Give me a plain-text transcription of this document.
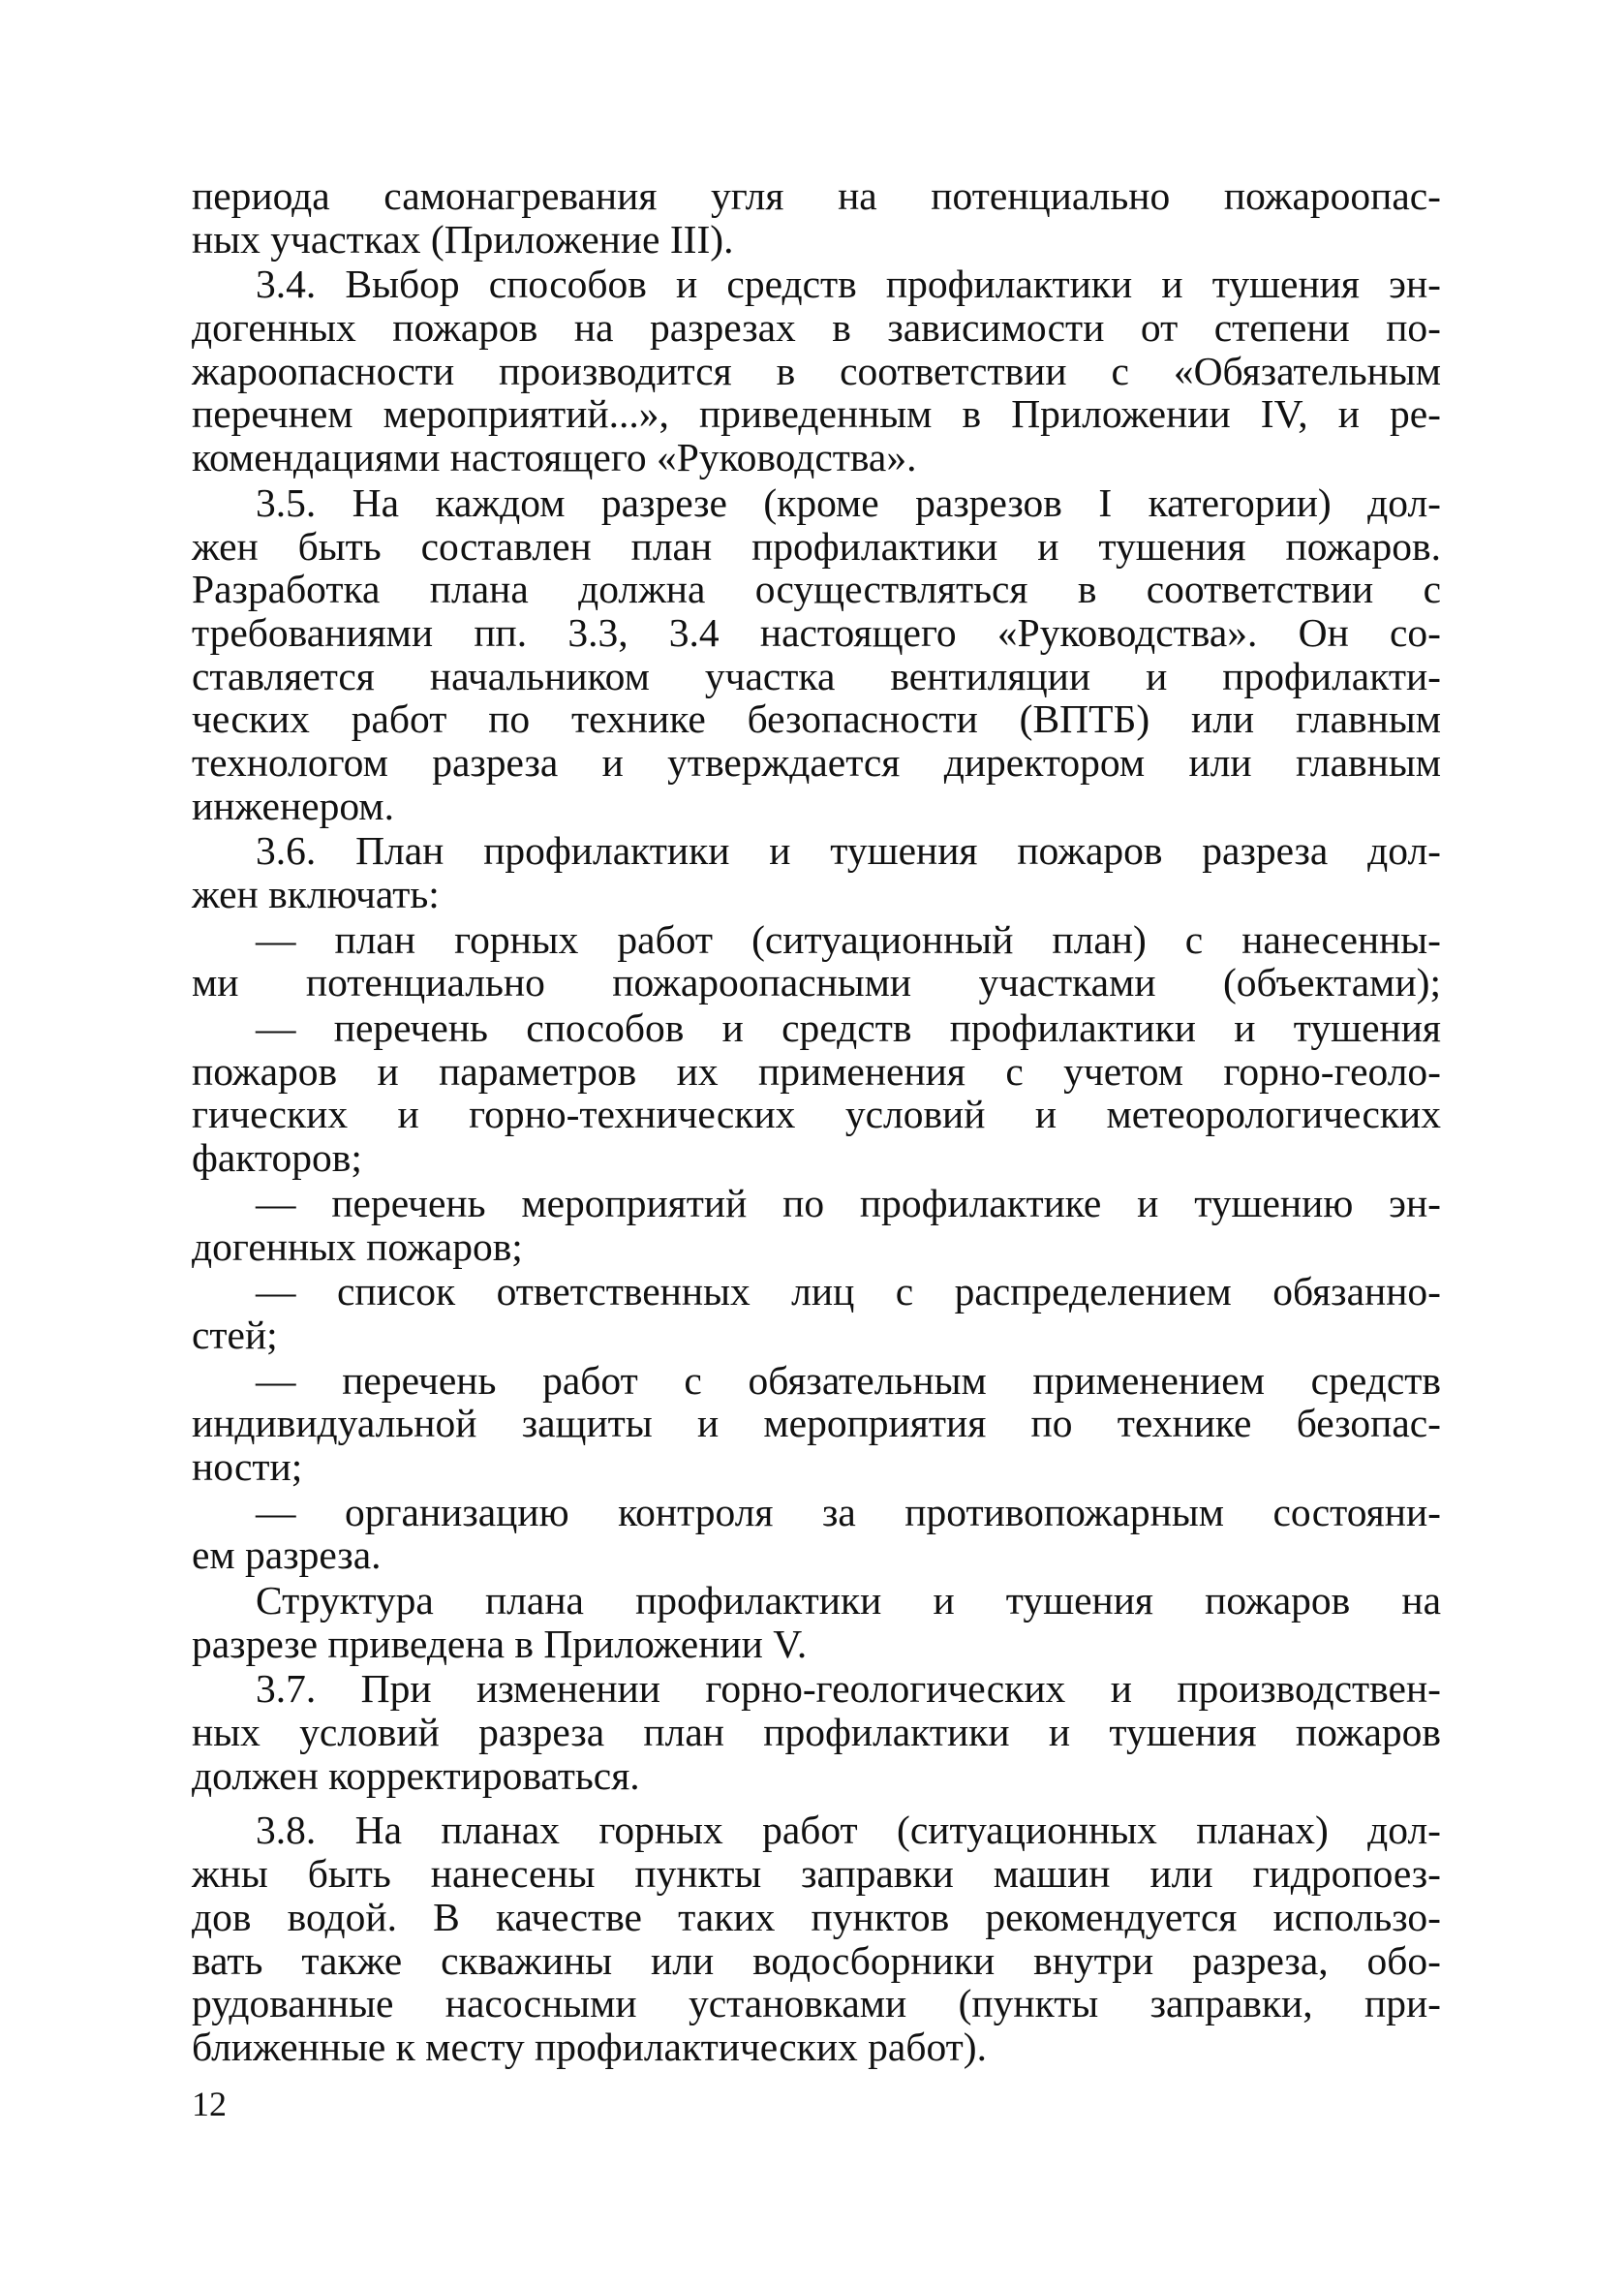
периода самонагревания угля на потенциально пожароопас-
ных участках (Приложение III).
3.4. Выбор способов и средств профилактики и тушения эн-
догенных пожаров на разрезах в зависимости от степени по-
жароопасности производится в соответствии с «Обязательным
перечнем мероприятий...», приведенным в Приложении IV, и ре-
комендациями настоящего «Руководства».
3.5. На каждом разрезе (кроме разрезов I категории) дол-
жен быть составлен план профилактики и тушения пожаров.
Разработка плана должна осуществляться в соответствии с
требованиями пп. 3.3, 3.4 настоящего «Руководства». Он со-
ставляется начальником участка вентиляции и профилакти-
ческих работ по технике безопасности (ВПТБ) или главным
технологом разреза и утверждается директором или главным
инженером.
3.6. План профилактики и тушения пожаров разреза дол-
жен включать:
— план горных работ (ситуационный план) с нанесенны-
ми потенциально пожароопасными участками (объектами);
— перечень способов и средств профилактики и тушения
пожаров и параметров их применения с учетом горно-геоло-
гических и горно-технических условий и метеорологических
факторов;
— перечень мероприятий по профилактике и тушению эн-
догенных пожаров;
— список ответственных лиц с распределением обязанно-
стей;
— перечень работ с обязательным применением средств
индивидуальной защиты и мероприятия по технике безопас-
ности;
— организацию контроля за противопожарным состояни-
ем разреза.
Структура плана профилактики и тушения пожаров на
разрезе приведена в Приложении V.
3.7. При изменении горно-геологических и производствен-
ных условий разреза план профилактики и тушения пожаров
должен корректироваться.
3.8. На планах горных работ (ситуационных планах) дол-
жны быть нанесены пункты заправки машин или гидропоез-
дов водой. В качестве таких пунктов рекомендуется использо-
вать также скважины или водосборники внутри разреза, обо-
рудованные насосными установками (пункты заправки, при-
ближенные к месту профилактических работ).
12
